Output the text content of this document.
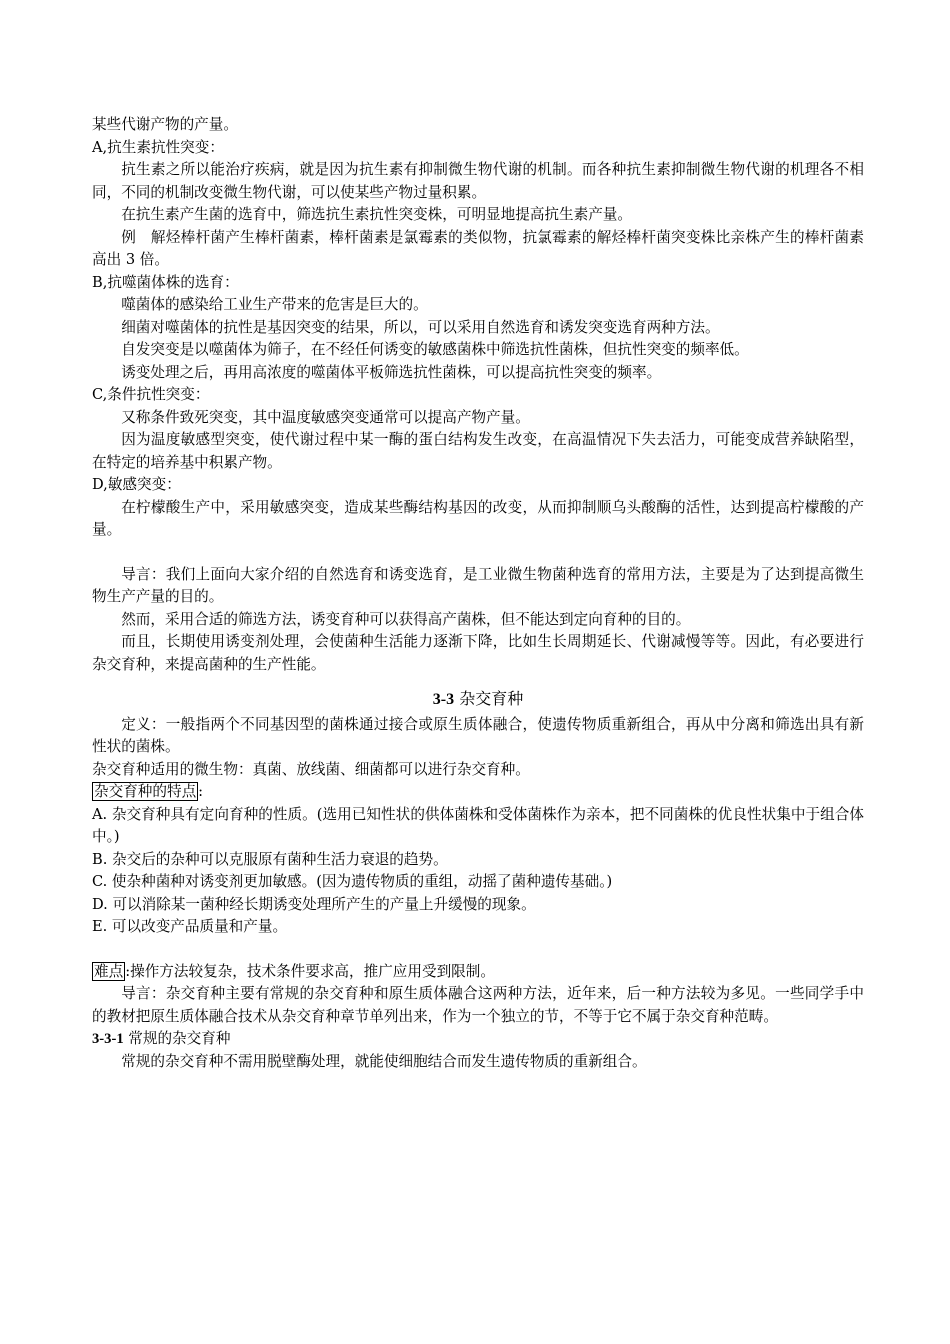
某些代谢产物的产量。

A,抗生素抗性突变：

抗生素之所以能治疗疾病，就是因为抗生素有抑制微生物代谢的机制。而各种抗生素抑制微生物代谢的机理各不相同，不同的机制改变微生物代谢，可以使某些产物过量积累。

在抗生素产生菌的选育中，筛选抗生素抗性突变株，可明显地提高抗生素产量。

例　解烃棒杆菌产生棒杆菌素，棒杆菌素是氯霉素的类似物，抗氯霉素的解烃棒杆菌突变株比亲株产生的棒杆菌素高出 3 倍。

B,抗噬菌体株的选育：

噬菌体的感染给工业生产带来的危害是巨大的。

细菌对噬菌体的抗性是基因突变的结果，所以，可以采用自然选育和诱发突变选育两种方法。

自发突变是以噬菌体为筛子，在不经任何诱变的敏感菌株中筛选抗性菌株，但抗性突变的频率低。

诱变处理之后，再用高浓度的噬菌体平板筛选抗性菌株，可以提高抗性突变的频率。

C,条件抗性突变：

又称条件致死突变，其中温度敏感突变通常可以提高产物产量。

因为温度敏感型突变，使代谢过程中某一酶的蛋白结构发生改变，在高温情况下失去活力，可能变成营养缺陷型，在特定的培养基中积累产物。

D,敏感突变：

在柠檬酸生产中，采用敏感突变，造成某些酶结构基因的改变，从而抑制顺乌头酸酶的活性，达到提高柠檬酸的产量。

导言：我们上面向大家介绍的自然选育和诱变选育，是工业微生物菌种选育的常用方法，主要是为了达到提高微生物生产产量的目的。

然而，采用合适的筛选方法，诱变育种可以获得高产菌株，但不能达到定向育种的目的。

而且，长期使用诱变剂处理，会使菌种生活能力逐渐下降，比如生长周期延长、代谢减慢等等。因此，有必要进行杂交育种，来提高菌种的生产性能。

3-3 杂交育种

定义：一般指两个不同基因型的菌株通过接合或原生质体融合，使遗传物质重新组合，再从中分离和筛选出具有新性状的菌株。

杂交育种适用的微生物：真菌、放线菌、细菌都可以进行杂交育种。

杂交育种的特点 :

A. 杂交育种具有定向育种的性质。(选用已知性状的供体菌株和受体菌株作为亲本，把不同菌株的优良性状集中于组合体中。)

B. 杂交后的杂种可以克服原有菌种生活力衰退的趋势。

C. 使杂种菌种对诱变剂更加敏感。(因为遗传物质的重组，动摇了菌种遗传基础。)

D. 可以消除某一菌种经长期诱变处理所产生的产量上升缓慢的现象。

E. 可以改变产品质量和产量。

难点 :操作方法较复杂，技术条件要求高，推广应用受到限制。

导言：杂交育种主要有常规的杂交育种和原生质体融合这两种方法，近年来，后一种方法较为多见。一些同学手中的教材把原生质体融合技术从杂交育种章节单列出来，作为一个独立的节，不等于它不属于杂交育种范畴。

3-3-1 常规的杂交育种

常规的杂交育种不需用脱壁酶处理，就能使细胞结合而发生遗传物质的重新组合。
